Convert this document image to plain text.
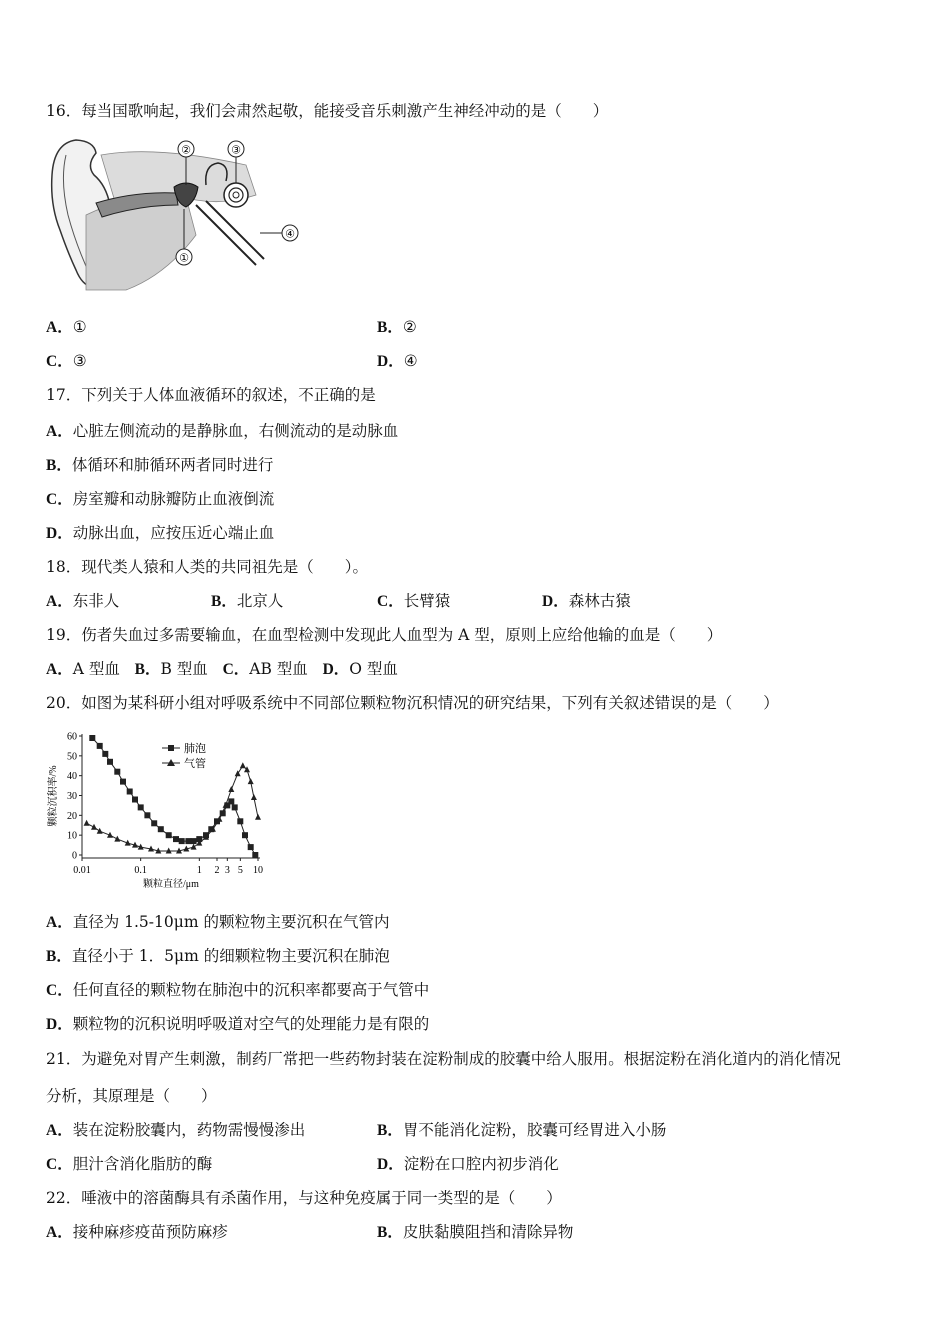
16．每当国歌响起，我们会肃然起敬，能接受音乐刺激产生神经冲动的是（　　）
①
②	③
④
A．①	B．②
C．③	D．④
17．下列关于人体血液循环的叙述，不正确的是
A．心脏左侧流动的是静脉血，右侧流动的是动脉血
B．体循环和肺循环两者同时进行
C．房室瓣和动脉瓣防止血液倒流
D．动脉出血，应按压近心端止血
18．现代类人猿和人类的共同祖先是（　　）。
A．东非人	B．北京人	C．长臂猿	D．森林古猿
19．伤者失血过多需要输血，在血型检测中发现此人血型为 A 型，原则上应给他输的血是（　　）
A．A 型血 B．B 型血 C．AB 型血 D．O 型血
20．如图为某科研小组对呼吸系统中不同部位颗粒物沉积情况的研究结果，下列有关叙述错误的是（　　）
0
10
20
30
40
50
60
0.01	0.1	1 2 3 5 10
肺泡
气管
颗粒沉积率/%
颗粒直径/μm
A．直径为 1.5-10μm 的颗粒物主要沉积在气管内
B．直径小于 1．5μm 的细颗粒物主要沉积在肺泡
C．任何直径的颗粒物在肺泡中的沉积率都要高于气管中
D．颗粒物的沉积说明呼吸道对空气的处理能力是有限的
21．为避免对胃产生刺激，制药厂常把一些药物封装在淀粉制成的胶囊中给人服用。根据淀粉在消化道内的消化情况
分析，其原理是（　　）
A．装在淀粉胶囊内，药物需慢慢渗出	B．胃不能消化淀粉，胶囊可经胃进入小肠
C．胆汁含消化脂肪的酶	D．淀粉在口腔内初步消化
22．唾液中的溶菌酶具有杀菌作用，与这种免疫属于同一类型的是（　　）
A．接种麻疹疫苗预防麻疹	B．皮肤黏膜阻挡和清除异物
